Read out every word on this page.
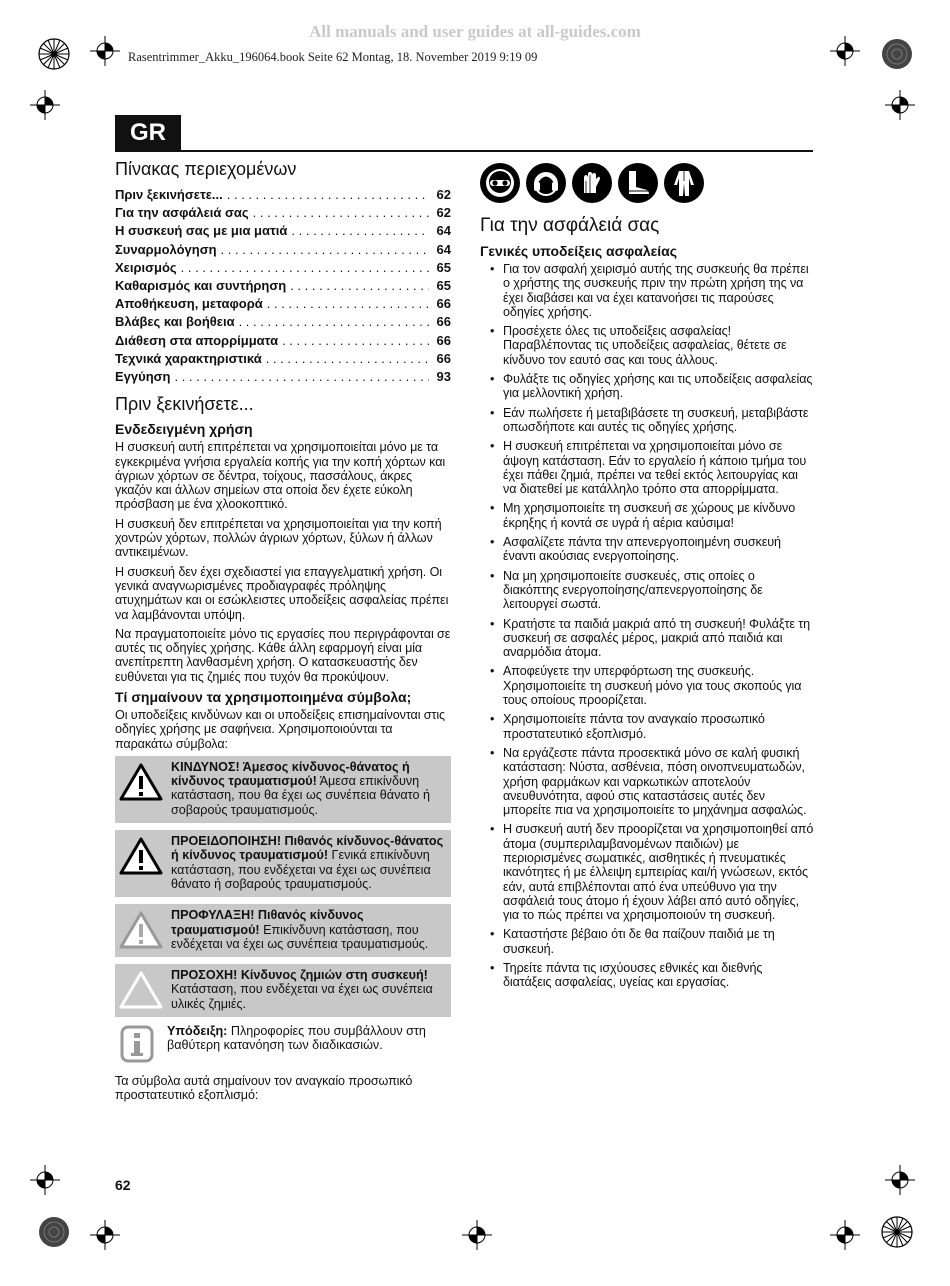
All manuals and user guides at all-guides.com
Rasentrimmer_Akku_196064.book Seite 62 Montag, 18. November 2019 9:19 09
GR
Πίνακας περιεχομένων
Πριν ξεκινήσετε... . . .	62
Για την ασφάλειά σας . . .	62
Η συσκευή σας με μια ματιά . . .	64
Συναρμολόγηση . . .	64
Χειρισμός . . .	65
Καθαρισμός και συντήρηση . . .	65
Αποθήκευση, μεταφορά . . .	66
Βλάβες και βοήθεια . . .	66
Διάθεση στα απορρίμματα . . .	66
Τεχνικά χαρακτηριστικά . . .	66
Εγγύηση . . .	93
Πριν ξεκινήσετε...
Ενδεδειγμένη χρήση

Η συσκευή αυτή επιτρέπεται να χρησιμοποιείται μόνο με τα εγκεκριμένα γνήσια εργαλεία κοπής για την κοπή χόρτων και άγριων χόρτων σε δέντρα, τοίχους, πασσάλους, άκρες γκαζόν και άλλων σημείων στα οποία δεν έχετε εύκολη πρόσβαση με ένα χλοοκοπτικό.

Η συσκευή δεν επιτρέπεται να χρησιμοποιείται για την κοπή χοντρών χόρτων, πολλών άγριων χόρτων, ξύλων ή άλλων αντικειμένων.

Η συσκευή δεν έχει σχεδιαστεί για επαγγελματική χρήση. Οι γενικά αναγνωρισμένες προδιαγραφές πρόληψης ατυχημάτων και οι εσώκλειστες υποδείξεις ασφαλείας πρέπει να λαμβάνονται υπόψη.

Να πραγματοποιείτε μόνο τις εργασίες που περιγράφονται σε αυτές τις οδηγίες χρήσης. Κάθε άλλη εφαρμογή είναι μία ανεπίτρεπτη λανθασμένη χρήση. Ο κατασκευαστής δεν ευθύνεται για τις ζημιές που τυχόν θα προκύψουν.

Τί σημαίνουν τα χρησιμοποιημένα σύμβολα;

Οι υποδείξεις κινδύνων και οι υποδείξεις επισημαίνονται στις οδηγίες χρήσης με σαφήνεια. Χρησιμοποιούνται τα παρακάτω σύμβολα:

ΚΙΝΔΥΝΟΣ! Άμεσος κίνδυνος-θάνατος ή κίνδυνος τραυματισμού! Άμεσα επικίνδυνη κατάσταση, που θα έχει ως συνέπεια θάνατο ή σοβαρούς τραυματισμούς.
ΠΡΟΕΙΔΟΠΟΙΗΣΗ! Πιθανός κίνδυνος-θάνατος ή κίνδυνος τραυματισμού! Γενικά επικίνδυνη κατάσταση, που ενδέχεται να έχει ως συνέπεια θάνατο ή σοβαρούς τραυματισμούς.
ΠΡΟΦΥΛΑΞΗ! Πιθανός κίνδυνος τραυματισμού! Επικίνδυνη κατάσταση, που ενδέχεται να έχει ως συνέπεια τραυματισμούς.
ΠΡΟΣΟΧΗ! Κίνδυνος ζημιών στη συσκευή! Κατάσταση, που ενδέχεται να έχει ως συνέπεια υλικές ζημιές.
Υπόδειξη: Πληροφορίες που συμβάλλουν στη βαθύτερη κατανόηση των διαδικασιών.

Τα σύμβολα αυτά σημαίνουν τον αναγκαίο προσωπικό προστατευτικό εξοπλισμό:

Για την ασφάλειά σας
Γενικές υποδείξεις ασφαλείας
• Για τον ασφαλή χειρισμό αυτής της συσκευής θα πρέπει ο χρήστης της συσκευής πριν την πρώτη χρήση της να έχει διαβάσει και να έχει κατανοήσει τις παρούσες οδηγίες χρήσης.
• Προσέχετε όλες τις υποδείξεις ασφαλείας! Παραβλέποντας τις υποδείξεις ασφαλείας, θέτετε σε κίνδυνο τον εαυτό σας και τους άλλους.
• Φυλάξτε τις οδηγίες χρήσης και τις υποδείξεις ασφαλείας για μελλοντική χρήση.
• Εάν πωλήσετε ή μεταβιβάσετε τη συσκευή, μεταβιβάστε οπωσδήποτε και αυτές τις οδηγίες χρήσης.
• Η συσκευή επιτρέπεται να χρησιμοποιείται μόνο σε άψογη κατάσταση. Εάν το εργαλείο ή κάποιο τμήμα του έχει πάθει ζημιά, πρέπει να τεθεί εκτός λειτουργίας και να διατεθεί με κατάλληλο τρόπο στα απορρίμματα.
• Μη χρησιμοποιείτε τη συσκευή σε χώρους με κίνδυνο έκρηξης ή κοντά σε υγρά ή αέρια καύσιμα!
• Ασφαλίζετε πάντα την απενεργοποιημένη συσκευή έναντι ακούσιας ενεργοποίησης.
• Να μη χρησιμοποιείτε συσκευές, στις οποίες ο διακόπτης ενεργοποίησης/απενεργοποίησης δε λειτουργεί σωστά.
• Κρατήστε τα παιδιά μακριά από τη συσκευή! Φυλάξτε τη συσκευή σε ασφαλές μέρος, μακριά από παιδιά και αναρμόδια άτομα.
• Αποφεύγετε την υπερφόρτωση της συσκευής. Χρησιμοποιείτε τη συσκευή μόνο για τους σκοπούς για τους οποίους προορίζεται.
• Χρησιμοποιείτε πάντα τον αναγκαίο προσωπικό προστατευτικό εξοπλισμό.
• Να εργάζεστε πάντα προσεκτικά μόνο σε καλή φυσική κατάσταση: Νύστα, ασθένεια, πόση οινοπνευματωδών, χρήση φαρμάκων και ναρκωτικών αποτελούν ανευθυνότητα, αφού στις καταστάσεις αυτές δεν μπορείτε πια να χρησιμοποιείτε το μηχάνημα ασφαλώς.
• Η συσκευή αυτή δεν προορίζεται να χρησιμοποιηθεί από άτομα (συμπεριλαμβανομένων παιδιών) με περιορισμένες σωματικές, αισθητικές ή πνευματικές ικανότητες ή με έλλειψη εμπειρίας και/ή γνώσεων, εκτός εάν, αυτά επιβλέπονται από ένα υπεύθυνο για την ασφάλειά τους άτομο ή έχουν λάβει από αυτό οδηγίες, για το πώς πρέπει να χρησιμοποιούν τη συσκευή.
• Καταστήστε βέβαιο ότι δε θα παίζουν παιδιά με τη συσκευή.
• Τηρείτε πάντα τις ισχύουσες εθνικές και διεθνής διατάξεις ασφαλείας, υγείας και εργασίας.
62
